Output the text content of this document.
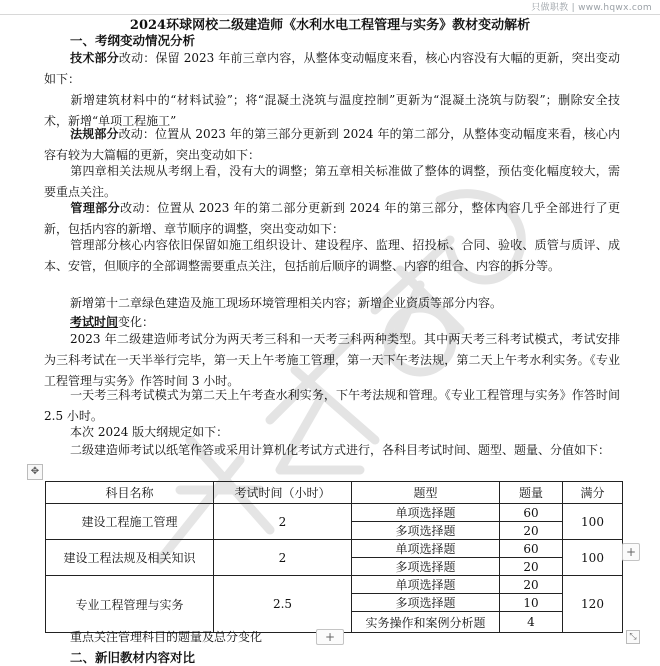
只做职教 | www.hqwx.com
2024环球网校二级建造师《水利水电工程管理与实务》教材变动解析
一、考纲变动情况分析
技术部分改动：保留 2023 年前三章内容，从整体变动幅度来看，核心内容没有大幅的更新，突出变动如下：
新增建筑材料中的“材料试验”；将“混凝土浇筑与温度控制”更新为“混凝土浇筑与防裂”；删除安全技术，新增“单项工程施工”
法规部分改动：位置从 2023 年的第三部分更新到 2024 年的第二部分，从整体变动幅度来看，核心内容有较为大篇幅的更新，突出变动如下：
第四章相关法规从考纲上看，没有大的调整；第五章相关标准做了整体的调整，预估变化幅度较大，需要重点关注。
管理部分改动：位置从 2023 年的第二部分更新到 2024 年的第三部分，整体内容几乎全部进行了更新，包括内容的新增、章节顺序的调整，突出变动如下：
管理部分核心内容依旧保留如施工组织设计、建设程序、监理、招投标、合同、验收、质管与质评、成本、安管，但顺序的全部调整需要重点关注，包括前后顺序的调整、内容的组合、内容的拆分等。
新增第十二章绿色建造及施工现场环境管理相关内容；新增企业资质等部分内容。
考试时间变化：
2023 年二级建造师考试分为两天考三科和一天考三科两种类型。其中两天考三科考试模式，考试安排为三科考试在一天半举行完毕，第一天上午考施工管理，第一天下午考法规，第二天上午考水利实务。《专业工程管理与实务》作答时间 3 小时。
一天考三科考试模式为第二天上午考查水利实务，下午考法规和管理。《专业工程管理与实务》作答时间 2.5 小时。
本次 2024 版大纲规定如下：
二级建造师考试以纸笔作答或采用计算机化考试方式进行，各科目考试时间、题型、题量、分值如下：
✥
科目名称	考试时间（小时）	题型	题量	满分
建设工程施工管理	2	单项选择题	60	100
		多项选择题	20	
建设工程法规及相关知识	2	单项选择题	60	100
		多项选择题	20	
专业工程管理与实务	2.5	单项选择题	20	120
		多项选择题	10	
		实务操作和案例分析题	4	
+
重点关注管理科目的题量及总分变化	+	⤡
二、新旧教材内容对比
